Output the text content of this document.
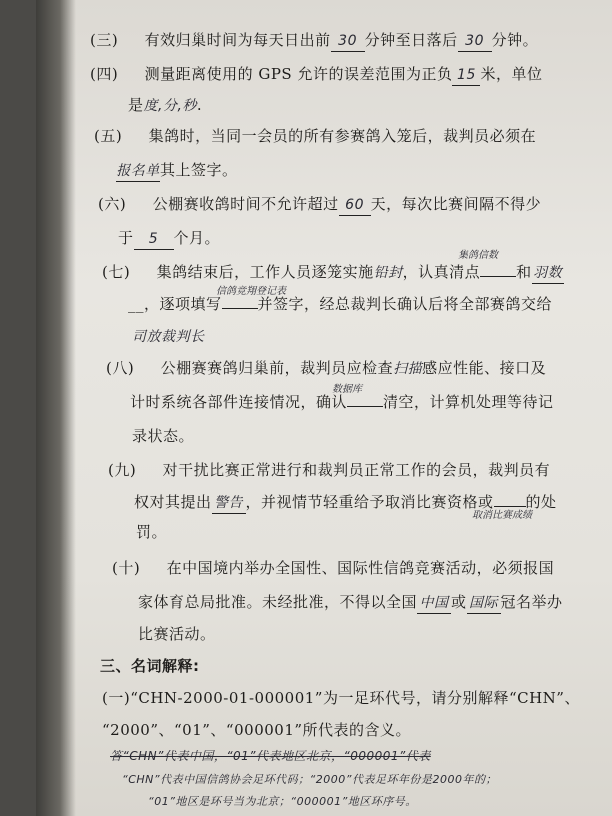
(三) 有效归巢时间为每天日出前 30 分钟至日落后 30 分钟。
(四) 测量距离使用的 GPS 允许的误差范围为正负 15 米，单位
是度,分,秒.
(五) 集鸽时，当同一会员的所有参赛鸽入笼后，裁判员必须在
报名单其上签字。
(六) 公棚赛收鸽时间不允许超过 60 天，每次比赛间隔不得少
于 5 个月。
集鸽信数
(七) 集鸽结束后，工作人员逐笼实施铅封，认真清点 和 羽数
信鸽竞翔登记表
__，逐项填写 并签字，经总裁判长确认后将全部赛鸽交给
司放裁判长
(八) 公棚赛赛鸽归巢前，裁判员应检查扫描感应性能、接口及
数据库
计时系统各部件连接情况，确认 清空，计算机处理等待记
录状态。
(九) 对干扰比赛正常进行和裁判员正常工作的会员，裁判员有
权对其提出 警告 ，并视情节轻重给予取消比赛资格或 的处
取消比赛成绩
罚。
(十) 在中国境内举办全国性、国际性信鸽竞赛活动，必须报国
家体育总局批准。未经批准，不得以全国 中国 或 国际 冠名举办
比赛活动。
三、名词解释:
(一)“CHN-2000-01-000001”为一足环代号，请分别解释“CHN”、
“2000”、“01”、“000001”所代表的含义。
答“CHN”代表中国，“01”代表地区北京，“000001”代表
“CHN”代表中国信鸽协会足环代码；“2000”代表足环年份是2000年的；
“01”地区是环号当为北京；“000001”地区环序号。
